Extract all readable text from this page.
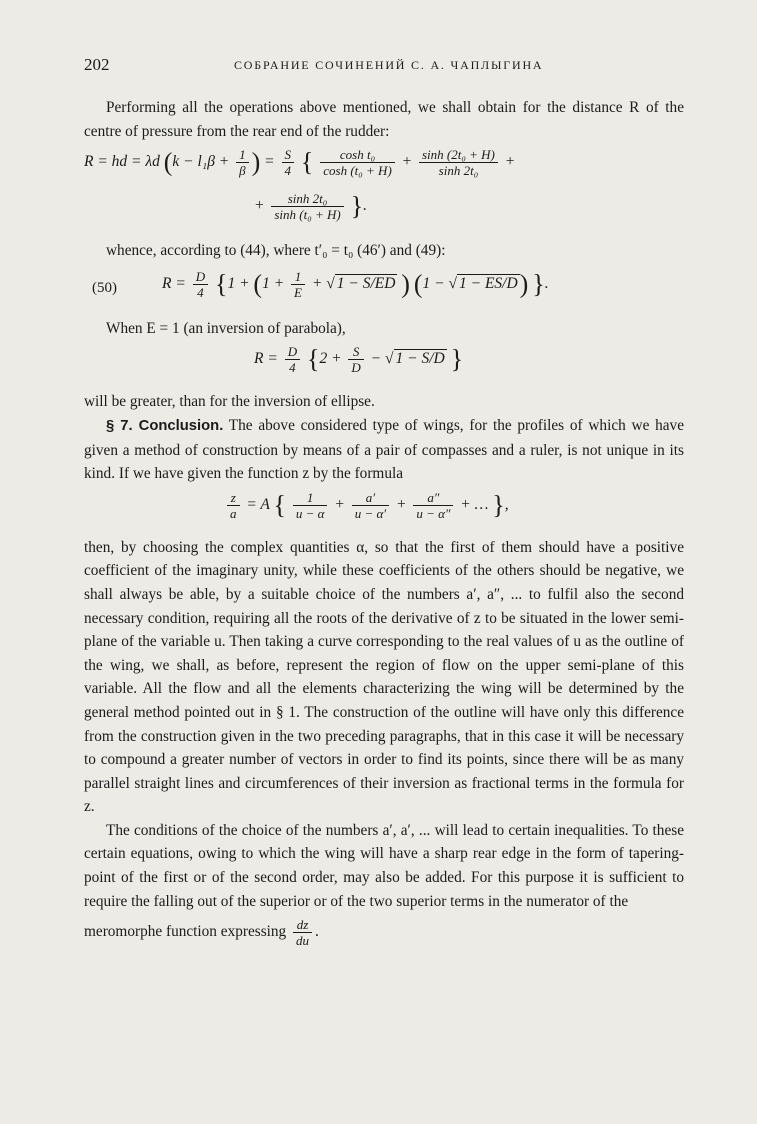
202	СОБРАНИЕ СОЧИНЕНИЙ С. А. ЧАПЛЫГИНА

Performing all the operations above mentioned, we shall obtain for the distance R of the centre of pressure from the rear end of the rudder:

R = hd = λd ($k - l_1\beta + \frac{1}{\beta}$ ) = $\frac{S}{4}$ { $\frac{\text{cosh t₀}}{\text{cosh (t₀ + H)}} + \frac{\text{sinh (2t₀ + H)}}{\text{sinh 2t₀}}$ +
+ $\frac{\text{sinh 2t₀}}{\text{sinh (t₀ + H)}}$ }.

whence, according to (44), where t′₀ = t₀ (46′) and (49):

(50)	$R = \frac{D}{4} \{1 + (1 + \frac{1}{E}$ + √ 1 − S/ED ) (1 − √ 1 − ES/D) }.

When E = 1 (an inversion of parabola),

$R = \frac{D}{4} \{2 + \frac{S}{D}$ − √ 1 − S/D }

will be greater, than for the inversion of ellipse.

§ 7. Conclusion. The above considered type of wings, for the profiles of which we have given a method of construction by means of a pair of compasses and a ruler, is not unique in its kind. If we have given the function z by the formula

$\frac{z}{a} = A$ { $\frac{1}{u - \alpha} + \frac{a'}{u - \alpha'} + \frac{a''}{u - \alpha''}$ + … },

then, by choosing the complex quantities α, so that the first of them should have a positive coefficient of the imaginary unity, while these coefficients of the others should be negative, we shall always be able, by a suitable choice of the numbers a′, a″, ... to fulfil also the second necessary condition, requiring all the roots of the derivative of z to be situated in the lower semi-plane of the variable u. Then taking a curve corresponding to the real values of u as the outline of the wing, we shall, as before, represent the region of flow on the upper semi-plane of this variable. All the flow and all the elements characterizing the wing will be determined by the general method pointed out in § 1. The construction of the outline will have only this difference from the construction given in the two preceding paragraphs, that in this case it will be necessary to compound a greater number of vectors in order to find its points, since there will be as many parallel straight lines and circumferences of their inversion as fractional terms in the formula for z.

The conditions of the choice of the numbers a′, a′, ... will lead to certain inequalities. To these certain equations, owing to which the wing will have a sharp rear edge in the form of tapering-point of the first or of the second order, may also be added. For this purpose it is sufficient to require the falling out of the superior or of the two superior terms in the numerator of the

meromorphe function expressing $\frac{dz}{du}$ .
